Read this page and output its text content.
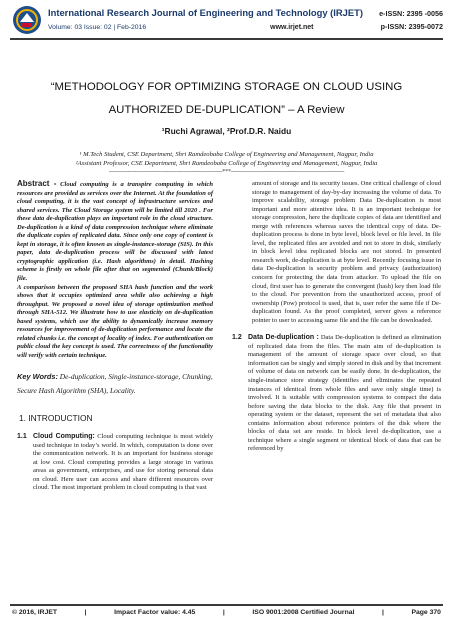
International Research Journal of Engineering and Technology (IRJET) e-ISSN: 2395 -0056
Volume: 03 Issue: 02 | Feb-2016	www.irjet.net	p-ISSN: 2395-0072
“METHODOLOGY FOR OPTIMIZING STORAGE ON CLOUD USING
AUTHORIZED DE-DUPLICATION” – A Review
¹Ruchi Agrawal, ²Prof.D.R. Naidu
¹ M.Tech Student, CSE Department, Shri Ramdeobaba College of Engineering and Management, Nagpur, India
²Assistant Professor, CSE Department, Shri Ramdeobaba College of Engineering and Management, Nagpur, India
--------------------------------------------------------------***--------------------------------------------------------------
Abstract - Cloud computing is a transpire computing in which resources are provided as services over the Internet. At the foundation of cloud computing, it is the vast concept of infrastructure services and shared services. The Cloud Storage system will be limited till 2020 . For these data de-duplication plays an important role in the cloud structure. De-duplication is a kind of data compression technique where eliminate the duplicate copies of replicated data. Since only one copy of content is kept in storage, it is often known as single-instance-storage (SIS). In this paper, data de-duplication process will be discussed with latest cryptographic application (i.e. Hash algorithms) in detail. Hashing scheme is firstly on whole file after that on segmented (Chunk/Block) file.
A comparison between the proposed SHA hash function and the work shows that it occupies optimized area while also achieving a high throughput. We proposed a novel idea of storage optimization method through SHA-512. We illustrate how to use elasticity on de-duplication based systems, which use the ability to dynamically increase memory resources for improvement of de-duplication performance and locate the related chunks i.e. the concept of locality of index. For authentication on public cloud the key concept is used. The correctness of the functionality will verify with certain technique.
Key Words: De-duplication, Single-instance-storage, Chunking, Secure Hash Algorithm (SHA), Locality.
1. INTRODUCTION
1.1 Cloud Computing: Cloud computing technique is most widely used technique in today’s world. In which, computation is done over the communication network. It is an important for business storage at low cost. Cloud computing provides a large storage in various areas as government, enterprises, and use for storing personal data on cloud. Here user can access and share different resources over cloud. The most important problem in cloud computing is that vast
amount of storage and its security issues. One critical challenge of cloud storage to management of day-by-day increasing the volume of data. To improve scalability, storage problem Data De-duplication is most important and more attentive idea. It is an important technique for storage compression, here the duplicate copies of data are identified and merge with references whereas saves the identical copy of data. De-duplication process is done in byte level, block level or file level. In file level, the replicated files are avoided and not to store in disk, similarly in block level idea replicated blocks are not stored. In presented research work, de-duplication is at byte level. Recently focusing issue in data De-duplication is security problem and privacy (authorization) concern for protecting the data from attacker. To upload the file on cloud, first user has to generate the convergent (hash) key then load file to the cloud. For prevention from the unauthorized access, proof of ownership (Pow) protocol is used, that is, user refer the same file if De-duplication found. As the proof completed, server gives a reference pointer to user to accessing same file and the file can be downloaded.
1.2 Data De-duplication : Data De-duplication is defined as elimination of replicated data from the files. The main aim of de-duplication is management of the amount of storage space over cloud, so that information can be singly and simply stored in disk and by that increment of volume of data on network can be easily done. In de-duplication, the single-instance store strategy (identifies and eliminates the repeated instances of identical from whole files and save only single time) is involved. It is suitable with compression systems to compact the data before saving the data blocks to the disk. Any file that present in operating system or the dataset, represent the set of metadata that also contains information about reference pointers of the disk where the blocks of data set are reside. In block level de-duplication, use a technique where a single segment or identical block of data that can be referenced by
© 2016, IRJET	|	Impact Factor value: 4.45	|	ISO 9001:2008 Certified Journal	|	Page 370
